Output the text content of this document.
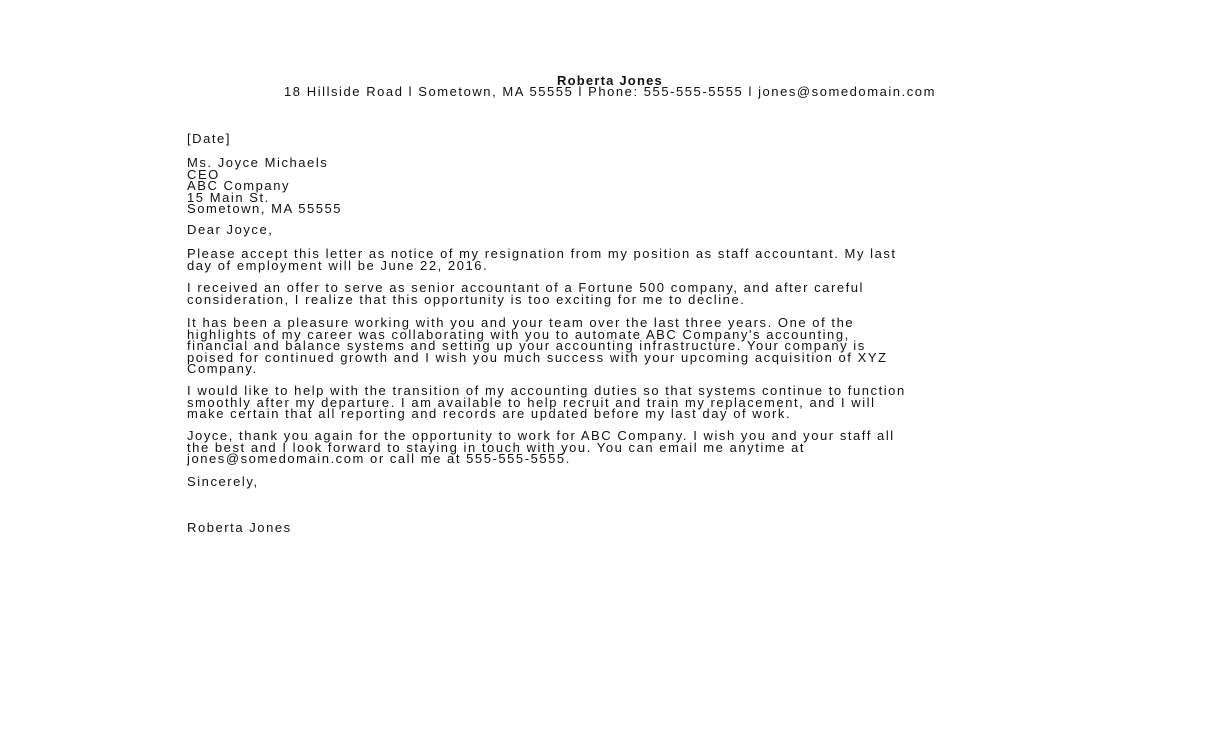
Roberta Jones
18 Hillside Road l Sometown, MA 55555 l Phone: 555-555-5555 l jones@somedomain.com
[Date]
Ms. Joyce Michaels
CEO
ABC Company
15 Main St.
Sometown, MA 55555
Dear Joyce,
Please accept this letter as notice of my resignation from my position as staff accountant. My last
day of employment will be June 22, 2016.
I received an offer to serve as senior accountant of a Fortune 500 company, and after careful
consideration, I realize that this opportunity is too exciting for me to decline.
It has been a pleasure working with you and your team over the last three years. One of the
highlights of my career was collaborating with you to automate ABC Company's accounting,
financial and balance systems and setting up your accounting infrastructure. Your company is
poised for continued growth and I wish you much success with your upcoming acquisition of XYZ
Company.
I would like to help with the transition of my accounting duties so that systems continue to function
smoothly after my departure. I am available to help recruit and train my replacement, and I will
make certain that all reporting and records are updated before my last day of work.
Joyce, thank you again for the opportunity to work for ABC Company. I wish you and your staff all
the best and I look forward to staying in touch with you. You can email me anytime at
jones@somedomain.com or call me at 555-555-5555.
Sincerely,
Roberta Jones
